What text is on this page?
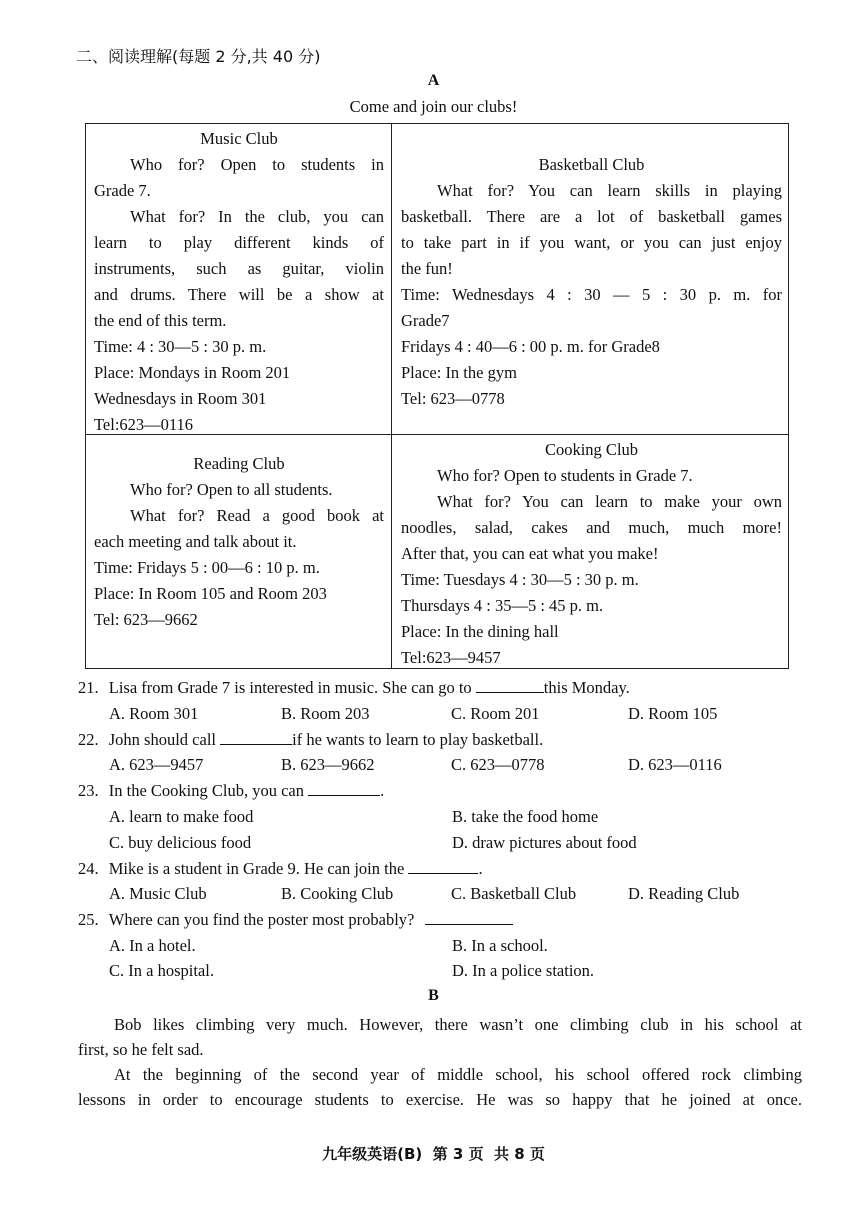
二、阅读理解(每题 2 分,共 40 分)
A
Come and join our clubs!

Music Club

Who for? Open to students in

Grade 7.

What for? In the club, you can

learn to play different kinds of

instruments, such as guitar, violin

and drums. There will be a show at

the end of this term.

Time: 4 : 30—5 : 30 p. m.

Place: Mondays in Room 201

Wednesdays in Room 301

Tel:623—0116

Basketball Club

What for? You can learn skills in playing

basketball. There are a lot of basketball games

to take part in if you want, or you can just enjoy

the fun!

Time: Wednesdays 4 : 30 — 5 : 30 p. m. for

Grade7

Fridays 4 : 40—6 : 00 p. m. for Grade8

Place: In the gym

Tel: 623—0778

Reading Club

Who for? Open to all students.

What for? Read a good book at

each meeting and talk about it.

Time: Fridays 5 : 00—6 : 10 p. m.

Place: In Room 105 and Room 203

Tel: 623—9662

Cooking Club

Who for? Open to students in Grade 7.

What for? You can learn to make your own

noodles, salad, cakes and much, much more!

After that, you can eat what you make!

Time: Tuesdays 4 : 30—5 : 30 p. m.

Thursdays 4 : 35—5 : 45 p. m.

Place: In the dining hall

Tel:623—9457

21. Lisa from Grade 7 is interested in music. She can go to	this Monday.
A. Room 301	B. Room 203	C. Room 201	D. Room 105
22. John should call	if he wants to learn to play basketball.
A. 623—9457	B. 623—9662	C. 623—0778	D. 623—0116
23. In the Cooking Club, you can	.
A. learn to make food	B. take the food home
C. buy delicious food	D. draw pictures about food
24. Mike is a student in Grade 9. He can join the	.
A. Music Club	B. Cooking Club	C. Basketball Club	D. Reading Club
25. Where can you find the poster most probably?
A. In a hotel.	B. In a school.
C. In a hospital.	D. In a police station.
B

Bob likes climbing very much. However, there wasn’t one climbing club in his school at

first, so he felt sad.

At the beginning of the second year of middle school, his school offered rock climbing

lessons in order to encourage students to exercise. He was so happy that he joined at once.

九年级英语(B)  第 3 页  共 8 页
